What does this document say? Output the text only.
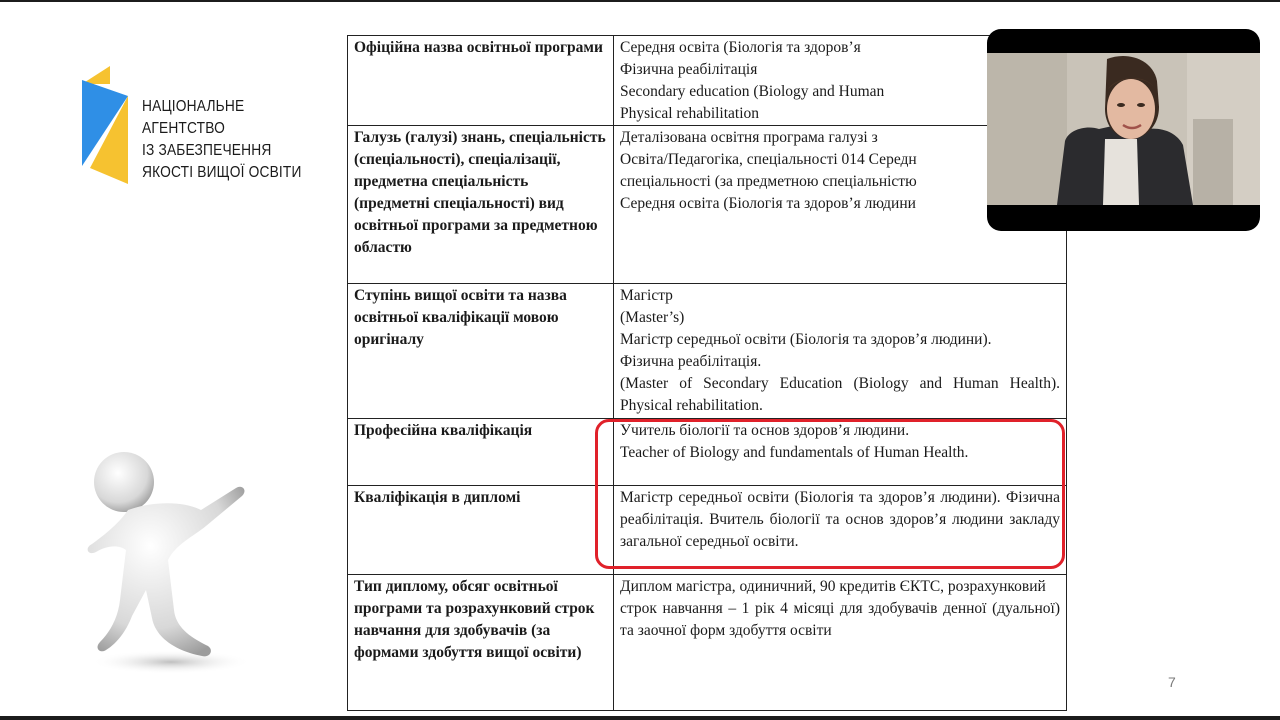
НАЦІОНАЛЬНЕ
АГЕНТСТВО
ІЗ ЗАБЕЗПЕЧЕННЯ
ЯКОСТІ ВИЩОЇ ОСВІТИ
Офіційна назва освітньої програми	Середня освіта (Біологія та здоров’я

Фізична реабілітація

Secondary education (Biology and Human

Physical rehabilitation

Галузь (галузі) знань, спеціальність (спеціальності), спеціалізації, предметна спеціальність (предметні спеціальності) вид освітньої програми за предметною областю	Деталізована освітня програма галузі з

Освіта/Педагогіка, спеціальності 014 Середн

спеціальності (за предметною спеціальністю

Середня освіта (Біологія та здоров’я людини

Ступінь вищої освіти та назва освітньої кваліфікації мовою оригіналу	Магістр

(Master’s)

Магістр середньої освіти (Біологія та здоров’я людини).

Фізична реабілітація.

(Master of Secondary Education (Biology and Human Health). Physical rehabilitation.

Професійна кваліфікація	Учитель біології та основ здоров’я людини.

Teacher of Biology and fundamentals of Human Health.

Кваліфікація в дипломі	Магістр середньої освіти (Біологія та здоров’я людини). Фізична реабілітація. Вчитель біології та основ здоров’я людини закладу загальної середньої освіти.

Тип диплому, обсяг освітньої програми та розрахунковий строк навчання для здобувачів (за формами здобуття вищої освіти)	Диплом магістра, одиничний, 90 кредитів ЄКТС, розрахунковий

строк навчання – 1 рік 4 місяці для здобувачів денної (дуальної) та заочної форм здобуття освіти

7
